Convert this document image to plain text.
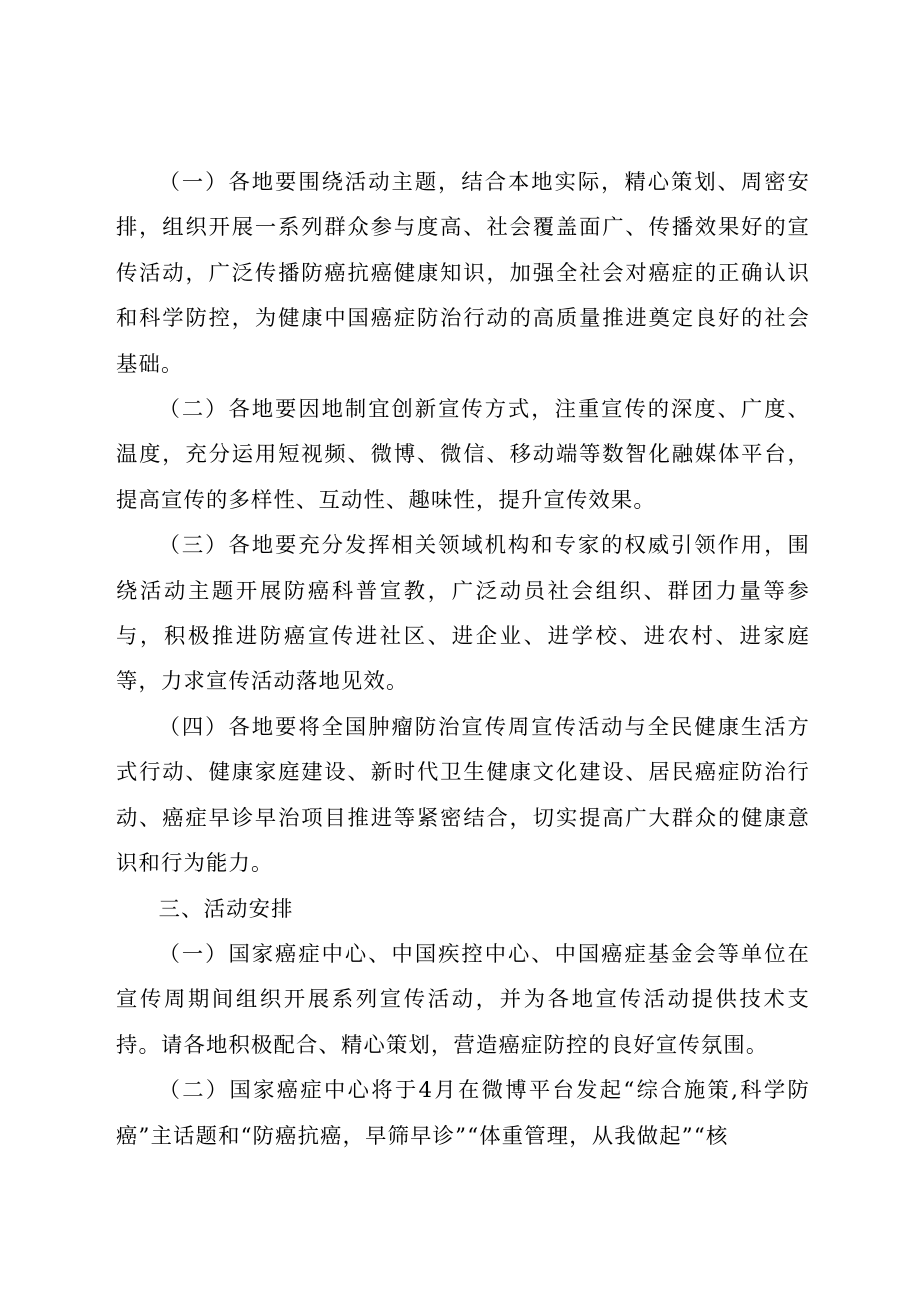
（一）各地要围绕活动主题，结合本地实际，精心策划、周密安排，组织开展一系列群众参与度高、社会覆盖面广、传播效果好的宣传活动，广泛传播防癌抗癌健康知识，加强全社会对癌症的正确认识和科学防控，为健康中国癌症防治行动的高质量推进奠定良好的社会基础。

（二）各地要因地制宜创新宣传方式，注重宣传的深度、广度、温度，充分运用短视频、微博、微信、移动端等数智化融媒体平台，提高宣传的多样性、互动性、趣味性，提升宣传效果。

（三）各地要充分发挥相关领域机构和专家的权威引领作用，围绕活动主题开展防癌科普宣教，广泛动员社会组织、群团力量等参与，积极推进防癌宣传进社区、进企业、进学校、进农村、进家庭等，力求宣传活动落地见效。

（四）各地要将全国肿瘤防治宣传周宣传活动与全民健康生活方式行动、健康家庭建设、新时代卫生健康文化建设、居民癌症防治行动、癌症早诊早治项目推进等紧密结合，切实提高广大群众的健康意识和行为能力。

三、活动安排

（一）国家癌症中心、中国疾控中心、中国癌症基金会等单位在宣传周期间组织开展系列宣传活动，并为各地宣传活动提供技术支持。请各地积极配合、精心策划，营造癌症防控的良好宣传氛围。

（二）国家癌症中心将于4月在微博平台发起“综合施策,科学防癌”主话题和“防癌抗癌，早筛早诊”“体重管理，从我做起”“核
